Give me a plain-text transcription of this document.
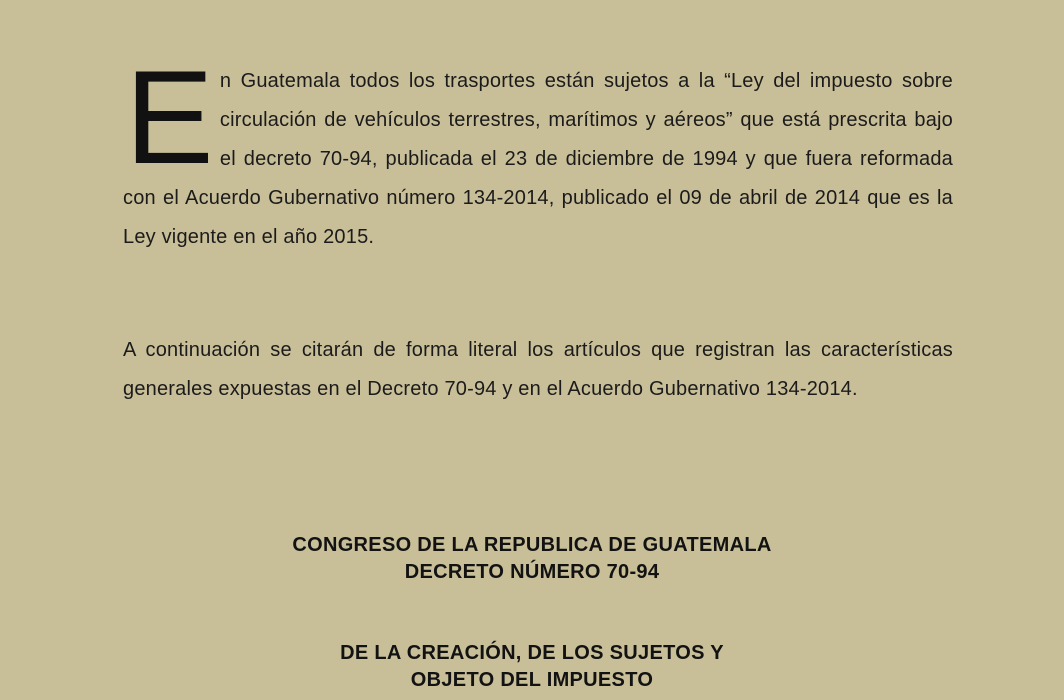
En Guatemala todos los trasportes están sujetos a la “Ley del impuesto sobre circulación de vehículos terrestres, marítimos y aéreos” que está prescrita bajo el decreto 70-94, publicada el 23 de diciembre de 1994 y que fuera reformada con el Acuerdo Gubernativo número 134-2014, publicado el 09 de abril de 2014 que es la Ley vigente en el año 2015.

A continuación se citarán de forma literal los artículos que registran las características generales expuestas en el Decreto 70-94 y en el Acuerdo Gubernativo 134-2014.

CONGRESO DE LA REPUBLICA DE GUATEMALA
DECRETO NÚMERO 70-94
DE LA CREACIÓN, DE LOS SUJETOS Y
OBJETO DEL IMPUESTO
